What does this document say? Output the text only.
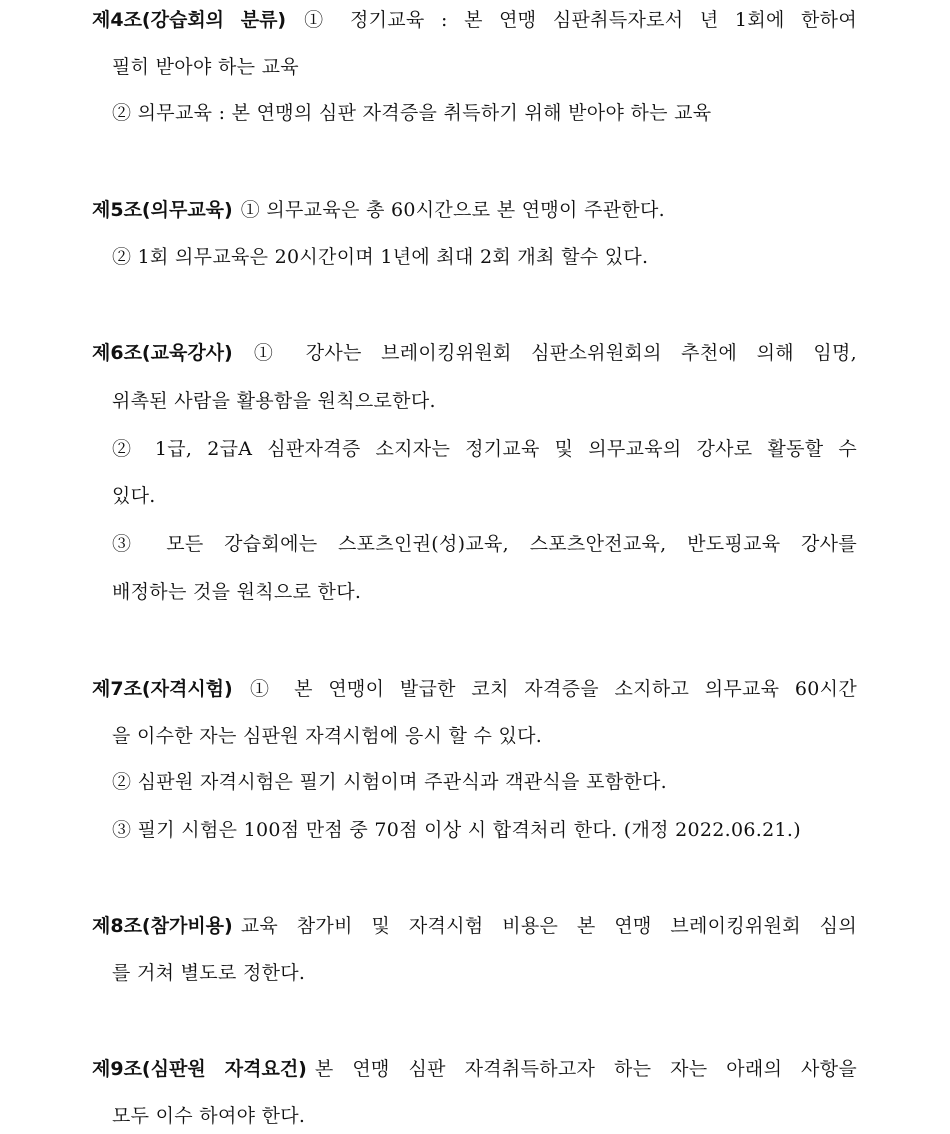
제4조(강습회의 분류) ① 정기교육 : 본 연맹 심판취득자로서 년 1회에 한하여
필히 받아야 하는 교육
② 의무교육 : 본 연맹의 심판 자격증을 취득하기 위해 받아야 하는 교육
제5조(의무교육) ① 의무교육은 총 60시간으로 본 연맹이 주관한다.
② 1회 의무교육은 20시간이며 1년에 최대 2회 개최 할수 있다.
제6조(교육강사) ① 강사는 브레이킹위원회 심판소위원회의 추천에 의해 임명,
위촉된 사람을 활용함을 원칙으로한다.
② 1급, 2급A 심판자격증 소지자는 정기교육 및 의무교육의 강사로 활동할 수
있다.
③ 모든 강습회에는 스포츠인권(성)교육, 스포츠안전교육, 반도핑교육 강사를
배정하는 것을 원칙으로 한다.
제7조(자격시험) ① 본 연맹이 발급한 코치 자격증을 소지하고 의무교육 60시간
을 이수한 자는 심판원 자격시험에 응시 할 수 있다.
② 심판원 자격시험은 필기 시험이며 주관식과 객관식을 포함한다.
③ 필기 시험은 100점 만점 중 70점 이상 시 합격처리 한다. (개정 2022.06.21.)
제8조(참가비용) 교육 참가비 및 자격시험 비용은 본 연맹 브레이킹위원회 심의
를 거쳐 별도로 정한다.
제9조(심판원 자격요건) 본 연맹 심판 자격취득하고자 하는 자는 아래의 사항을
모두 이수 하여야 한다.
